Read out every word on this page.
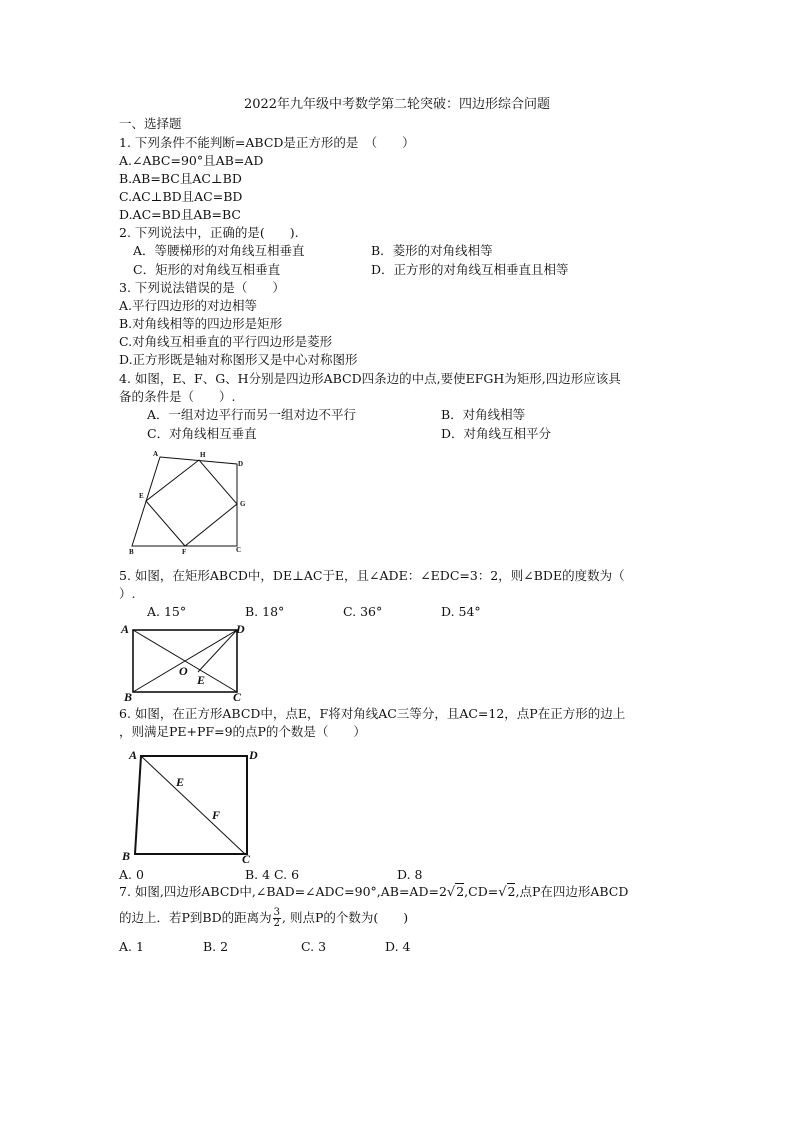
2022年九年级中考数学第二轮突破：四边形综合问题
一、选择题
1. 下列条件不能判断=ABCD是正方形的是　（　　）
A.∠ABC=90°且AB=AD
B.AB=BC且AC⊥BD
C.AC⊥BD且AC=BD
D.AC=BD且AB=BC
2. 下列说法中，正确的是(　　).
A．等腰梯形的对角线互相垂直	B．菱形的对角线相等
C．矩形的对角线互相垂直	D．正方形的对角线互相垂直且相等
3. 下列说法错误的是（　　）
A.平行四边形的对边相等
B.对角线相等的四边形是矩形
C.对角线互相垂直的平行四边形是菱形
D.正方形既是轴对称图形又是中心对称图形
4. 如图，E、F、G、H分别是四边形ABCD四条边的中点,要使EFGH为矩形,四边形应该具
备的条件是（　　）.
A．一组对边平行而另一组对边不平行	B．对角线相等
C．对角线相互垂直	D．对角线互相平分
A	H
D
E
G
B	F	C
5. 如图，在矩形ABCD中，DE⊥AC于E，且∠ADE：∠EDC=3：2，则∠BDE的度数为（
）.
A. 15°	B. 18°	C. 36°	D. 54°
A	D
O
E
B	C
6. 如图，在正方形ABCD中，点E，F将对角线AC三等分，且AC=12，点P在正方形的边上
，则满足PE+PF=9的点P的个数是（　　）
A	D
E
F
B	C
A. 0	B. 4 C. 6	D. 8
7. 如图,四边形ABCD中,∠BAD=∠ADC=90°,AB=AD=2√2,CD=√2,点P在四边形ABCD
的边上．若P到BD的距离为 $\frac{3}{2}$ , 则点P的个数为(　　)
A. 1	B. 2	C. 3	D. 4
